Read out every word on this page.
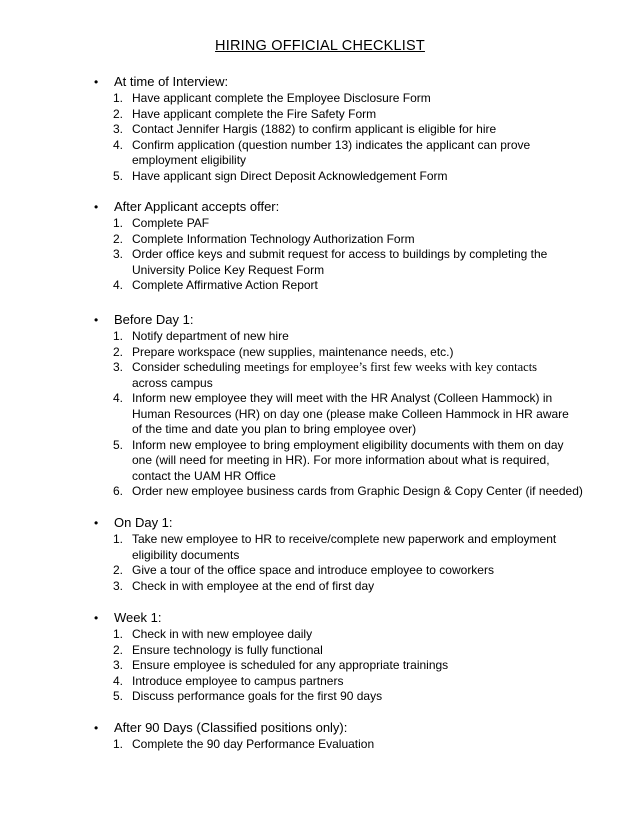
HIRING OFFICIAL CHECKLIST
• At time of Interview:
1. Have applicant complete the Employee Disclosure Form
2. Have applicant complete the Fire Safety Form
3. Contact Jennifer Hargis (1882) to confirm applicant is eligible for hire
4. Confirm application (question number 13) indicates the applicant can prove employment eligibility
5. Have applicant sign Direct Deposit Acknowledgement Form
• After Applicant accepts offer:
1. Complete PAF
2. Complete Information Technology Authorization Form
3. Order office keys and submit request for access to buildings by completing the University Police Key Request Form
4. Complete Affirmative Action Report
• Before Day 1:
1. Notify department of new hire
2. Prepare workspace (new supplies, maintenance needs, etc.)
3. Consider scheduling meetings for employee’s first few weeks with key contacts
across campus
4. Inform new employee they will meet with the HR Analyst (Colleen Hammock) in Human Resources (HR) on day one (please make Colleen Hammock in HR aware of the time and date you plan to bring employee over)
5. Inform new employee to bring employment eligibility documents with them on day one (will need for meeting in HR). For more information about what is required, contact the UAM HR Office
6. Order new employee business cards from Graphic Design & Copy Center (if needed)
• On Day 1:
1. Take new employee to HR to receive/complete new paperwork and employment eligibility documents
2. Give a tour of the office space and introduce employee to coworkers
3. Check in with employee at the end of first day
• Week 1:
1. Check in with new employee daily
2. Ensure technology is fully functional
3. Ensure employee is scheduled for any appropriate trainings
4. Introduce employee to campus partners
5. Discuss performance goals for the first 90 days
• After 90 Days (Classified positions only):
1. Complete the 90 day Performance Evaluation
